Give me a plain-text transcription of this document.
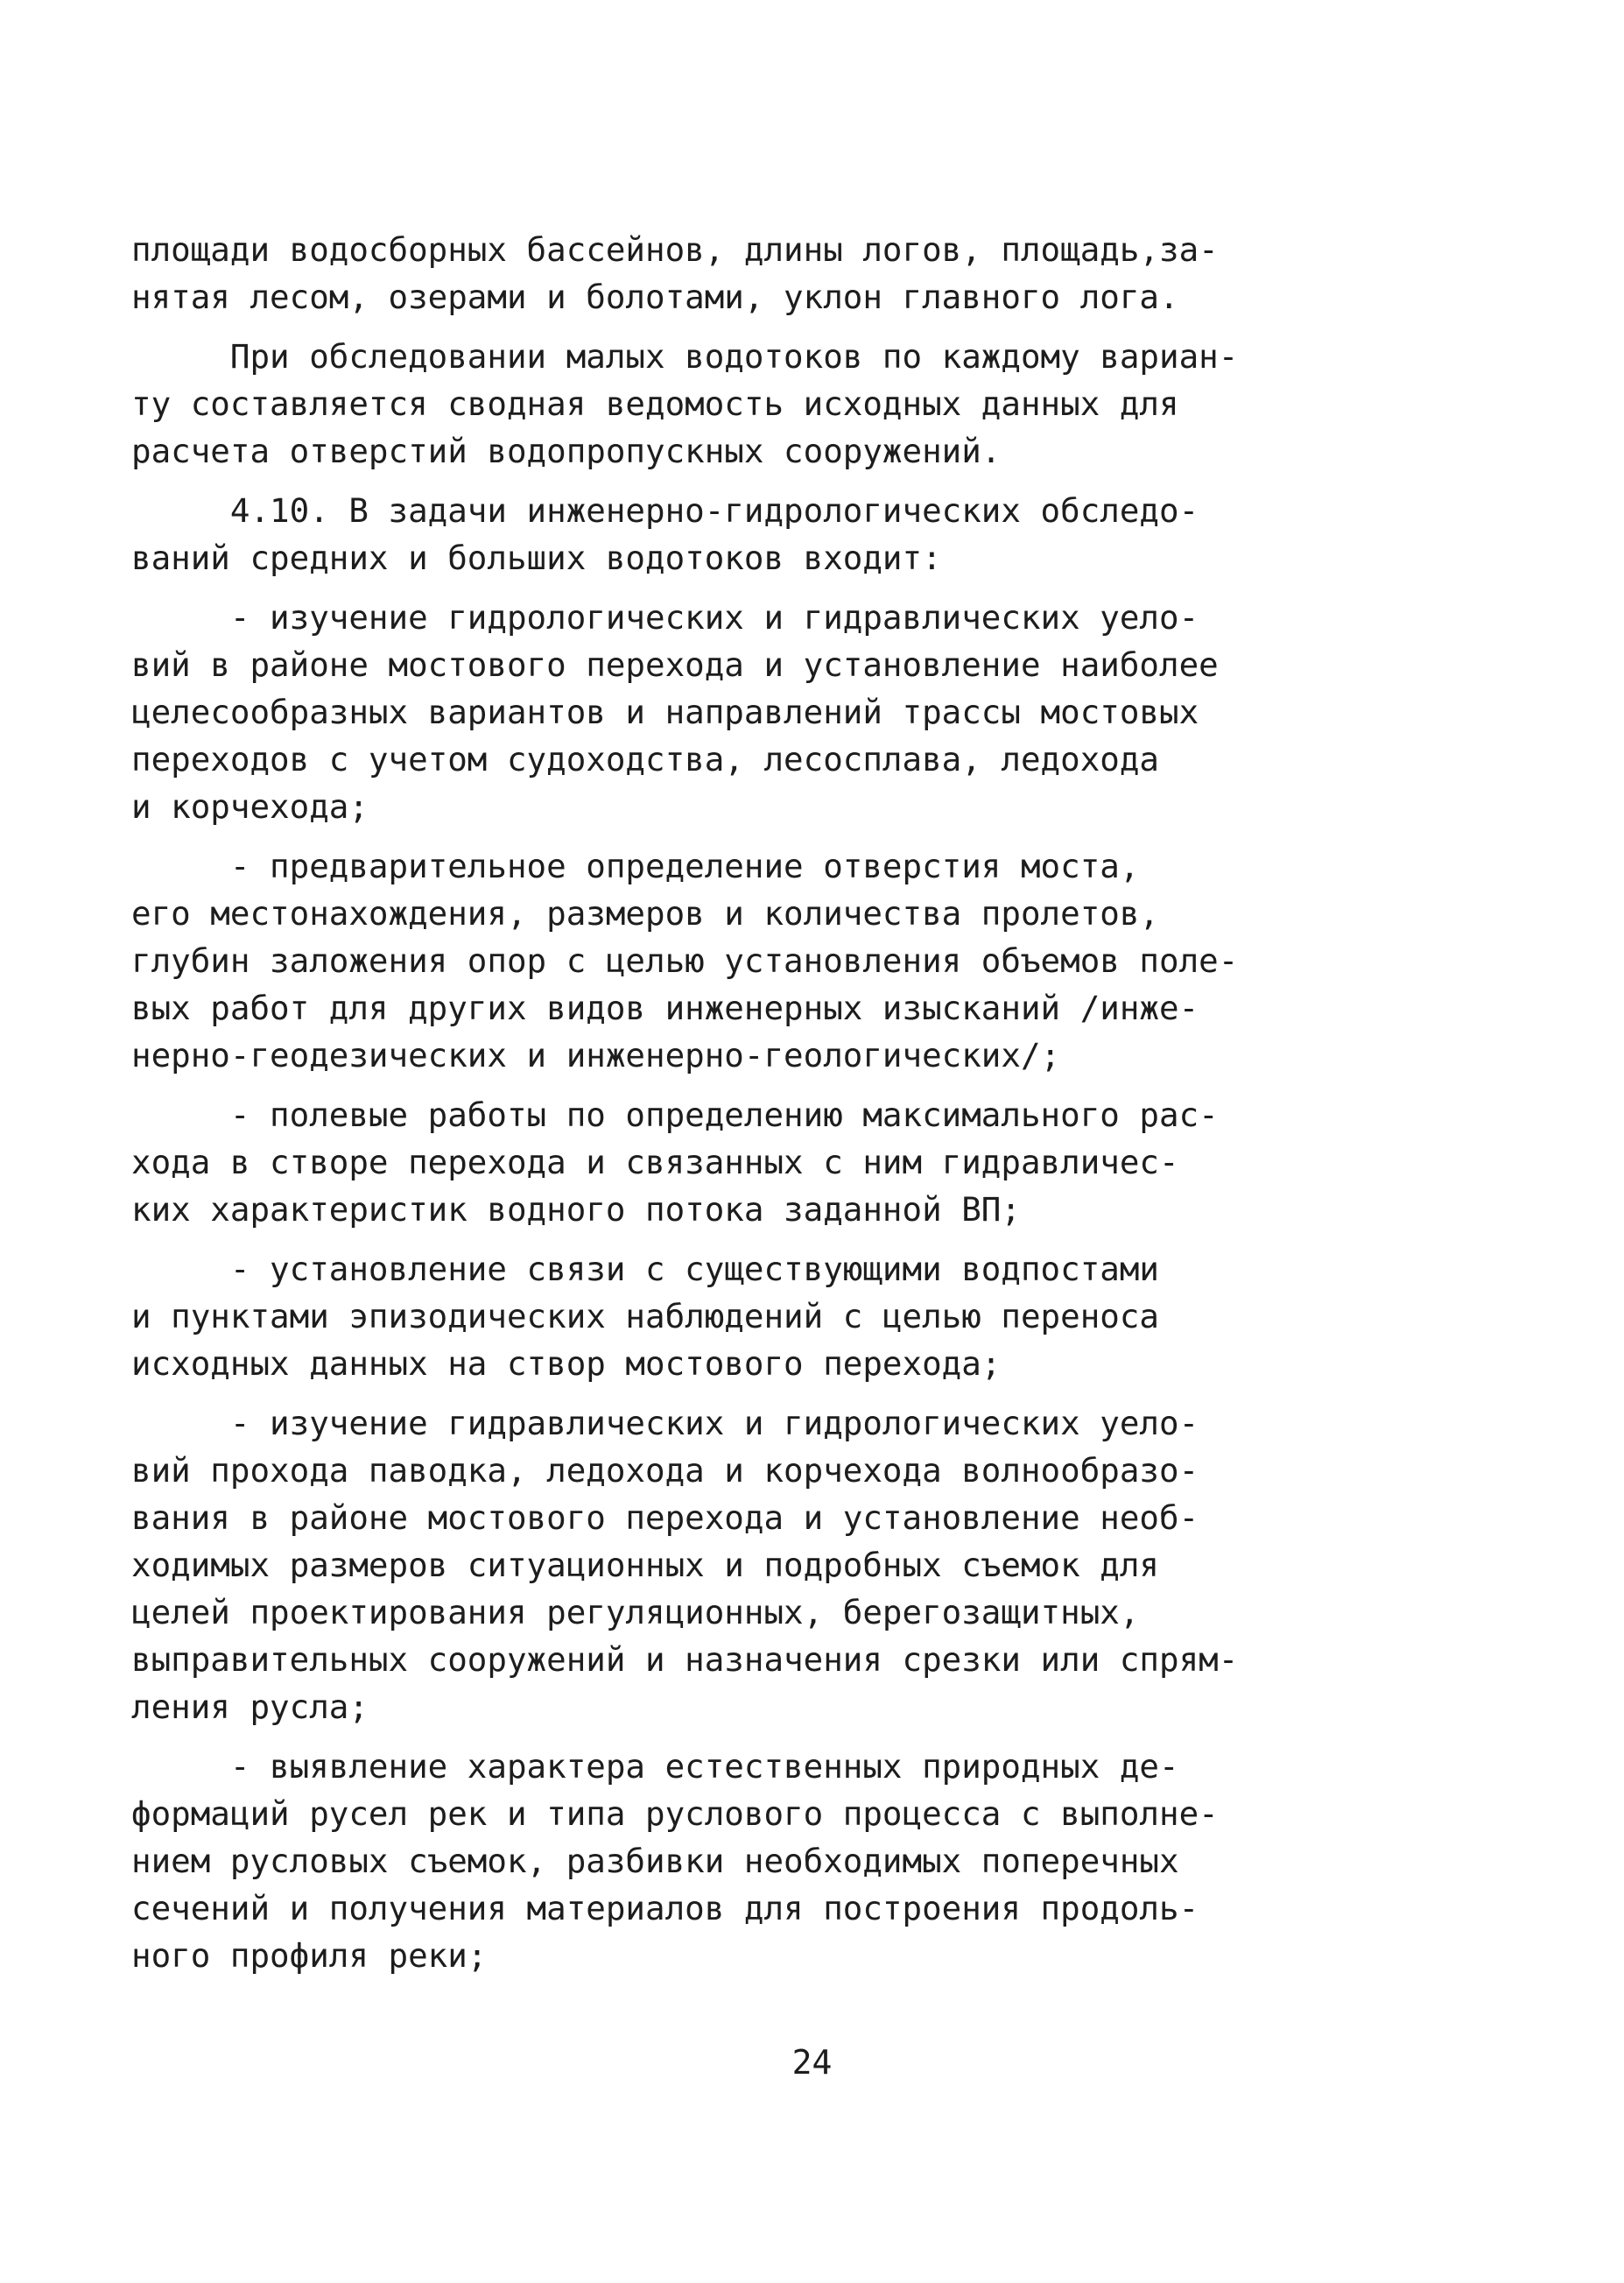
площади водосборных бассейнов, длины логов, площадь,за-
нятая лесом, озерами и болотами, уклон главного лога.
При обследовании малых водотоков по каждому вариан-
ту составляется сводная ведомость исходных данных для
расчета отверстий водопропускных сооружений.
4.10. В задачи инженерно-гидрологических обследо-
ваний средних и больших водотоков входит:
- изучение гидрологических и гидравлических уело-
вий в районе мостового перехода и установление наиболее
целесообразных вариантов и направлений трассы мостовых
переходов с учетом судоходства, лесосплава, ледохода
и корчехода;
- предварительное определение отверстия моста,
его местонахождения, размеров и количества пролетов,
глубин заложения опор с целью установления объемов поле-
вых работ для других видов инженерных изысканий /инже-
нерно-геодезических и инженерно-геологических/;
- полевые работы по определению максимального рас-
хода в створе перехода и связанных с ним гидравличес-
ких характеристик водного потока заданной ВП;
- установление связи с существующими водпостами
и пунктами эпизодических наблюдений с целью переноса
исходных данных на створ мостового перехода;
- изучение гидравлических и гидрологических уело-
вий прохода паводка, ледохода и корчехода волнообразо-
вания в районе мостового перехода и установление необ-
ходимых размеров ситуационных и подробных съемок для
целей проектирования регуляционных, берегозащитных,
выправительных сооружений и назначения срезки или спрям-
ления русла;
- выявление характера естественных природных де-
формаций русел рек и типа руслового процесса с выполне-
нием русловых съемок, разбивки необходимых поперечных
сечений и получения материалов для построения продоль-
ного профиля реки;
24
